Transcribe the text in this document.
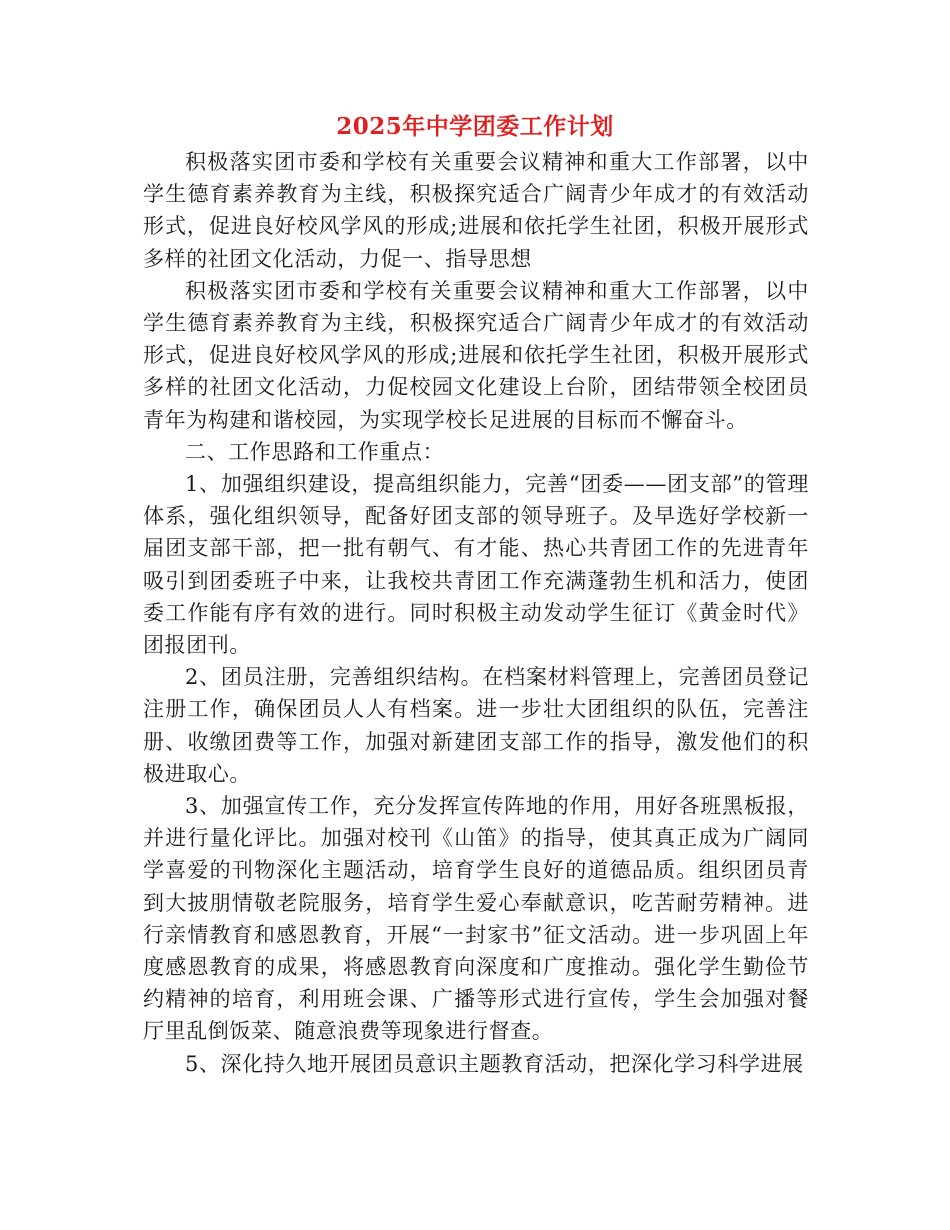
2025年中学团委工作计划

积极落实团市委和学校有关重要会议精神和重大工作部署，以中学生德育素养教育为主线，积极探究适合广阔青少年成才的有效活动形式，促进良好校风学风的形成;进展和依托学生社团，积极开展形式多样的社团文化活动，力促一、指导思想

积极落实团市委和学校有关重要会议精神和重大工作部署，以中学生德育素养教育为主线，积极探究适合广阔青少年成才的有效活动形式，促进良好校风学风的形成;进展和依托学生社团，积极开展形式多样的社团文化活动，力促校园文化建设上台阶，团结带领全校团员青年为构建和谐校园，为实现学校长足进展的目标而不懈奋斗。

二、工作思路和工作重点：

1、加强组织建设，提高组织能力，完善“团委——团支部”的管理体系，强化组织领导，配备好团支部的领导班子。及早选好学校新一届团支部干部，把一批有朝气、有才能、热心共青团工作的先进青年吸引到团委班子中来，让我校共青团工作充满蓬勃生机和活力，使团委工作能有序有效的进行。同时积极主动发动学生征订《黄金时代》团报团刊。

2、团员注册，完善组织结构。在档案材料管理上，完善团员登记注册工作，确保团员人人有档案。进一步壮大团组织的队伍，完善注册、收缴团费等工作，加强对新建团支部工作的指导，激发他们的积极进取心。

3、加强宣传工作，充分发挥宣传阵地的作用，用好各班黑板报，并进行量化评比。加强对校刊《山笛》的指导，使其真正成为广阔同学喜爱的刊物深化主题活动，培育学生良好的道德品质。组织团员青到大披朋情敬老院服务，培育学生爱心奉献意识，吃苦耐劳精神。进行亲情教育和感恩教育，开展“一封家书”征文活动。进一步巩固上年度感恩教育的成果，将感恩教育向深度和广度推动。强化学生勤俭节约精神的培育，利用班会课、广播等形式进行宣传，学生会加强对餐厅里乱倒饭菜、随意浪费等现象进行督查。

5、深化持久地开展团员意识主题教育活动，把深化学习科学进展
